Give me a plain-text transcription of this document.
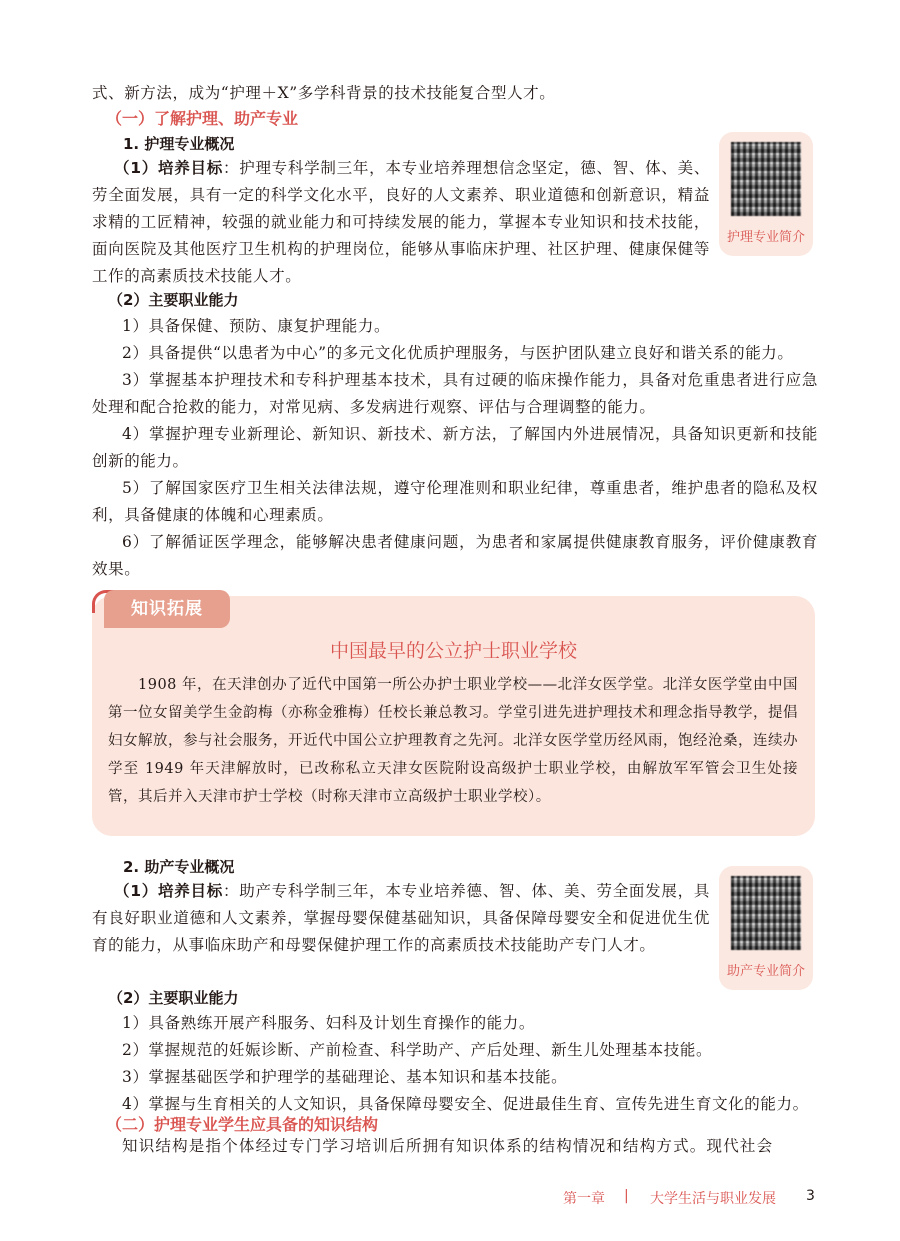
式、新方法，成为“护理＋X”多学科背景的技术技能复合型人才。

（一）了解护理、助产专业

1. 护理专业概况

（1）培养目标：护理专科学制三年，本专业培养理想信念坚定，德、智、体、美、劳全面发展，具有一定的科学文化水平，良好的人文素养、职业道德和创新意识，精益求精的工匠精神，较强的就业能力和可持续发展的能力，掌握本专业知识和技术技能，面向医院及其他医疗卫生机构的护理岗位，能够从事临床护理、社区护理、健康保健等工作的高素质技术技能人才。

护理专业简介

（2）主要职业能力

1）具备保健、预防、康复护理能力。

2）具备提供“以患者为中心”的多元文化优质护理服务，与医护团队建立良好和谐关系的能力。

3）掌握基本护理技术和专科护理基本技术，具有过硬的临床操作能力，具备对危重患者进行应急处理和配合抢救的能力，对常见病、多发病进行观察、评估与合理调整的能力。

4）掌握护理专业新理论、新知识、新技术、新方法，了解国内外进展情况，具备知识更新和技能创新的能力。

5）了解国家医疗卫生相关法律法规，遵守伦理准则和职业纪律，尊重患者，维护患者的隐私及权利，具备健康的体魄和心理素质。

6）了解循证医学理念，能够解决患者健康问题，为患者和家属提供健康教育服务，评价健康教育效果。

知识拓展
中国最早的公立护士职业学校

1908 年，在天津创办了近代中国第一所公办护士职业学校——北洋女医学堂。北洋女医学堂由中国第一位女留美学生金韵梅（亦称金雅梅）任校长兼总教习。学堂引进先进护理技术和理念指导教学，提倡妇女解放，参与社会服务，开近代中国公立护理教育之先河。北洋女医学堂历经风雨，饱经沧桑，连续办学至 1949 年天津解放时，已改称私立天津女医院附设高级护士职业学校，由解放军军管会卫生处接管，其后并入天津市护士学校（时称天津市立高级护士职业学校）。

2. 助产专业概况

（1）培养目标：助产专科学制三年，本专业培养德、智、体、美、劳全面发展，具有良好职业道德和人文素养，掌握母婴保健基础知识，具备保障母婴安全和促进优生优育的能力，从事临床助产和母婴保健护理工作的高素质技术技能助产专门人才。

助产专业简介

（2）主要职业能力

1）具备熟练开展产科服务、妇科及计划生育操作的能力。

2）掌握规范的妊娠诊断、产前检查、科学助产、产后处理、新生儿处理基本技能。

3）掌握基础医学和护理学的基础理论、基本知识和基本技能。

4）掌握与生育相关的人文知识，具备保障母婴安全、促进最佳生育、宣传先进生育文化的能力。

（二）护理专业学生应具备的知识结构

知识结构是指个体经过专门学习培训后所拥有知识体系的结构情况和结构方式。现代社会

第一章 | 大学生活与职业发展 3
